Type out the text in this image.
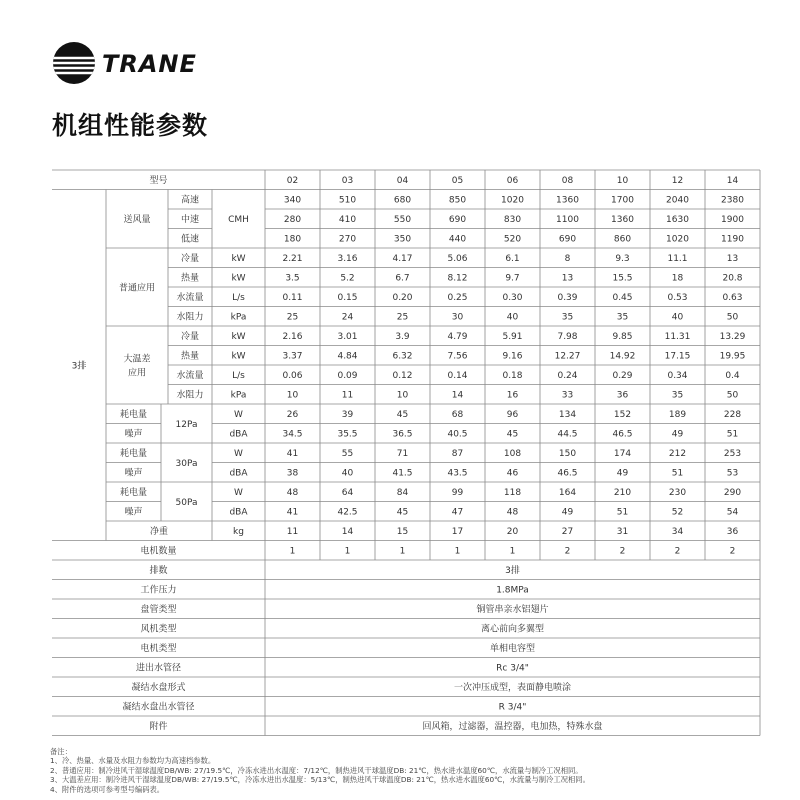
TRANE
机组性能参数
型号	02	03	04	05	06	08	10	12	14
3排
送风量	CMH
高速	340	510	680	850	1020	1360	1700	2040	2380
中速	280	410	550	690	830	1100	1360	1630	1900
低速	180	270	350	440	520	690	860	1020	1190
普通应用
冷量	kW	2.21	3.16	4.17	5.06	6.1	8	9.3	11.1	13
热量	kW	3.5	5.2	6.7	8.12	9.7	13	15.5	18	20.8
水流量	L/s	0.11	0.15	0.20	0.25	0.30	0.39	0.45	0.53	0.63
水阻力	kPa	25	24	25	30	40	35	35	40	50
大温差
应用
冷量	kW	2.16	3.01	3.9	4.79	5.91	7.98	9.85	11.31	13.29
热量	kW	3.37	4.84	6.32	7.56	9.16	12.27	14.92	17.15	19.95
水流量	L/s	0.06	0.09	0.12	0.14	0.18	0.24	0.29	0.34	0.4
水阻力	kPa	10	11	10	14	16	33	36	35	50
12Pa
耗电量	W	26	39	45	68	96	134	152	189	228
噪声	dBA	34.5	35.5	36.5	40.5	45	44.5	46.5	49	51
30Pa
耗电量	W	41	55	71	87	108	150	174	212	253
噪声	dBA	38	40	41.5	43.5	46	46.5	49	51	53
50Pa
耗电量	W	48	64	84	99	118	164	210	230	290
噪声	dBA	41	42.5	45	47	48	49	51	52	54
净重	kg	11	14	15	17	20	27	31	34	36
电机数量	1	1	1	1	1	2	2	2	2
排数	3排
工作压力	1.8MPa
盘管类型	铜管串亲水铝翅片
风机类型	离心前向多翼型
电机类型	单相电容型
进出水管径	Rc 3/4"
凝结水盘形式	一次冲压成型，表面静电喷涂
凝结水盘出水管径	R 3/4"
附件	回风箱，过滤器，温控器，电加热，特殊水盘
备注：
1、冷、热量、水量及水阻力参数均为高速档参数。
2、普通应用：制冷进风干湿球温度DB/WB: 27/19.5℃，冷冻水进出水温度：7/12℃，制热进风干球温度DB: 21℃，热水进水温度60℃，水流量与制冷工况相同。
3、大温差应用：制冷进风干湿球温度DB/WB: 27/19.5℃，冷冻水进出水温度：5/13℃，制热进风干球温度DB: 21℃，热水进水温度60℃，水流量与制冷工况相同。
4、附件的选项可参考型号编码表。
